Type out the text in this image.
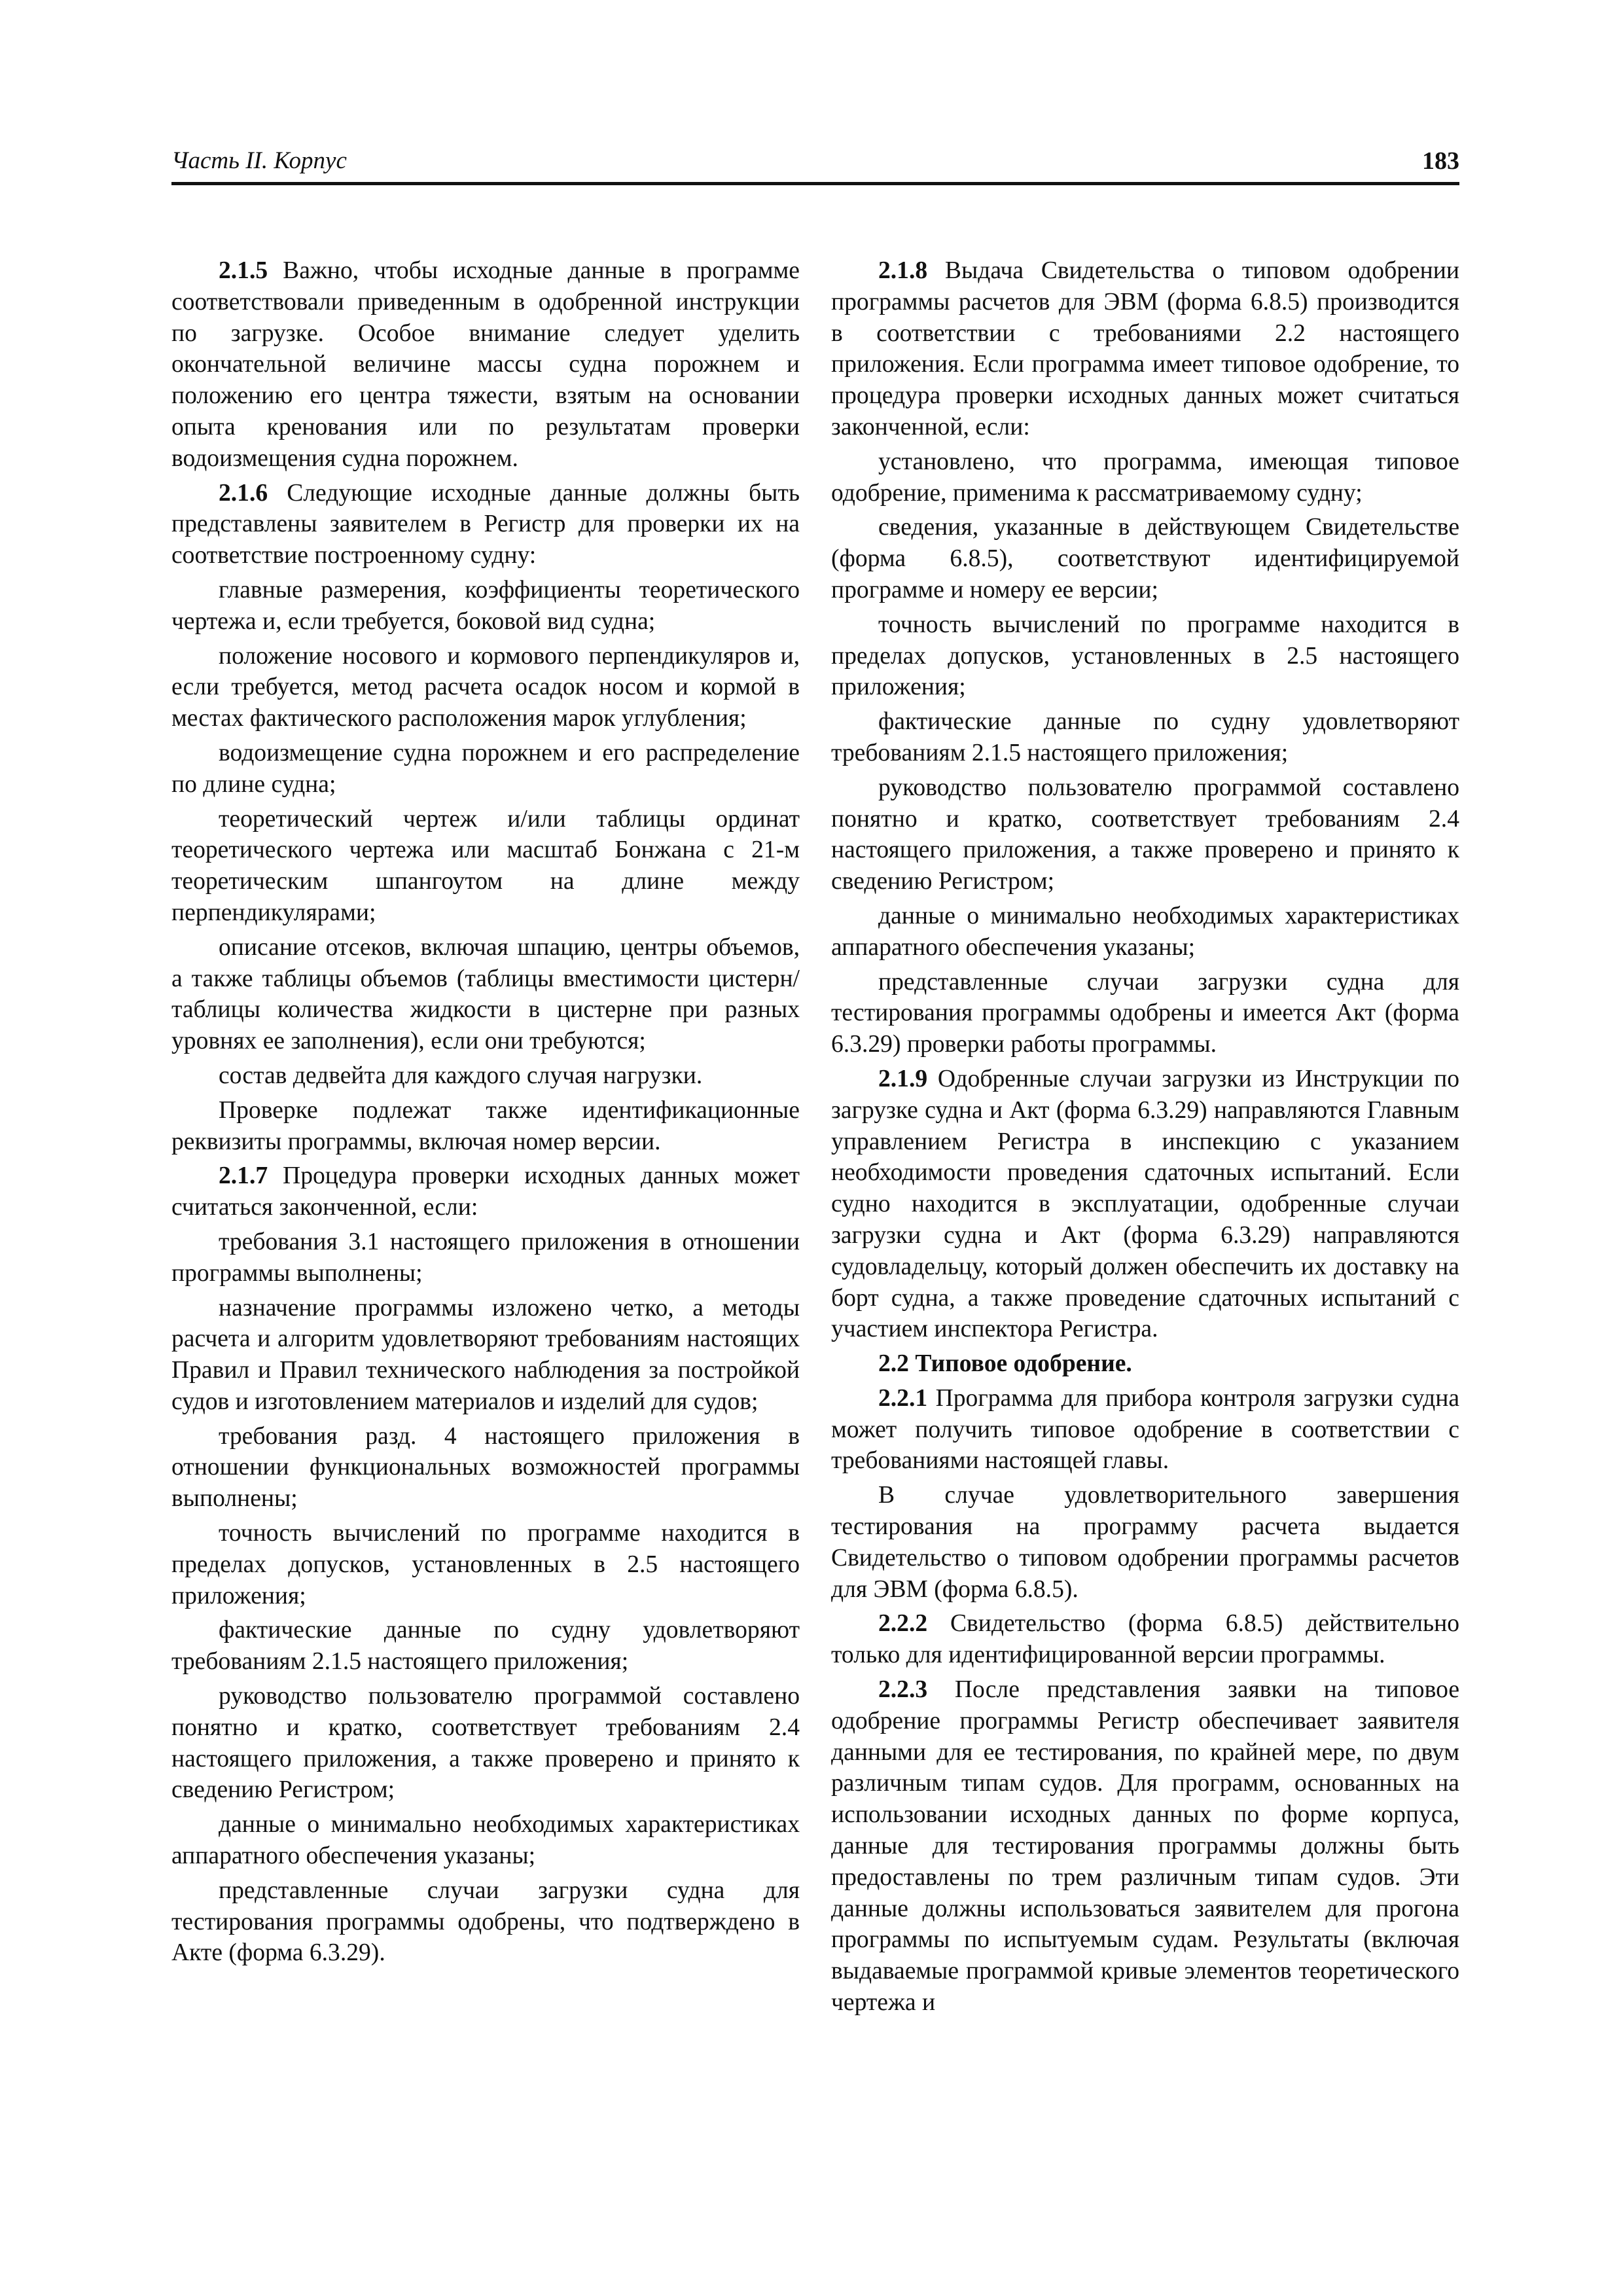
Часть II. Корпус	183

2.1.5 Важно, чтобы исходные данные в программе соответствовали приведенным в одобренной инструкции по загрузке. Особое внимание следует уделить окончательной величине массы судна порожнем и положению его центра тяжести, взятым на основании опыта кренования или по результатам проверки водоизмещения судна порожнем.

2.1.6 Следующие исходные данные должны быть представлены заявителем в Регистр для проверки их на соответствие построенному судну:

главные размерения, коэффициенты теоретического чертежа и, если требуется, боковой вид судна;

положение носового и кормового перпендикуляров и, если требуется, метод расчета осадок носом и кормой в местах фактического расположения марок углубления;

водоизмещение судна порожнем и его распределение по длине судна;

теоретический чертеж и/или таблицы ординат теоретического чертежа или масштаб Бонжана с 21-м теоретическим шпангоутом на длине между перпендикулярами;

описание отсеков, включая шпацию, центры объемов, а также таблицы объемов (таблицы вместимости цистерн/таблицы количества жидкости в цистерне при разных уровнях ее заполнения), если они требуются;

состав дедвейта для каждого случая нагрузки.

Проверке подлежат также идентификационные реквизиты программы, включая номер версии.

2.1.7 Процедура проверки исходных данных может считаться законченной, если:

требования 3.1 настоящего приложения в отношении программы выполнены;

назначение программы изложено четко, а методы расчета и алгоритм удовлетворяют требованиям настоящих Правил и Правил технического наблюдения за постройкой судов и изготовлением материалов и изделий для судов;

требования разд. 4 настоящего приложения в отношении функциональных возможностей программы выполнены;

точность вычислений по программе находится в пределах допусков, установленных в 2.5 настоящего приложения;

фактические данные по судну удовлетворяют требованиям 2.1.5 настоящего приложения;

руководство пользователю программой составлено понятно и кратко, соответствует требованиям 2.4 настоящего приложения, а также проверено и принято к сведению Регистром;

данные о минимально необходимых характеристиках аппаратного обеспечения указаны;

представленные случаи загрузки судна для тестирования программы одобрены, что подтверждено в Акте (форма 6.3.29).

2.1.8 Выдача Свидетельства о типовом одобрении программы расчетов для ЭВМ (форма 6.8.5) производится в соответствии с требованиями 2.2 настоящего приложения. Если программа имеет типовое одобрение, то процедура проверки исходных данных может считаться законченной, если:

установлено, что программа, имеющая типовое одобрение, применима к рассматриваемому судну;

сведения, указанные в действующем Свидетельстве (форма 6.8.5), соответствуют идентифицируемой программе и номеру ее версии;

точность вычислений по программе находится в пределах допусков, установленных в 2.5 настоящего приложения;

фактические данные по судну удовлетворяют требованиям 2.1.5 настоящего приложения;

руководство пользователю программой составлено понятно и кратко, соответствует требованиям 2.4 настоящего приложения, а также проверено и принято к сведению Регистром;

данные о минимально необходимых характеристиках аппаратного обеспечения указаны;

представленные случаи загрузки судна для тестирования программы одобрены и имеется Акт (форма 6.3.29) проверки работы программы.

2.1.9 Одобренные случаи загрузки из Инструкции по загрузке судна и Акт (форма 6.3.29) направляются Главным управлением Регистра в инспекцию с указанием необходимости проведения сдаточных испытаний. Если судно находится в эксплуатации, одобренные случаи загрузки судна и Акт (форма 6.3.29) направляются судовладельцу, который должен обеспечить их доставку на борт судна, а также проведение сдаточных испытаний с участием инспектора Регистра.

2.2 Типовое одобрение.

2.2.1 Программа для прибора контроля загрузки судна может получить типовое одобрение в соответствии с требованиями настоящей главы.

В случае удовлетворительного завершения тестирования на программу расчета выдается Свидетельство о типовом одобрении программы расчетов для ЭВМ (форма 6.8.5).

2.2.2 Свидетельство (форма 6.8.5) действительно только для идентифицированной версии программы.

2.2.3 После представления заявки на типовое одобрение программы Регистр обеспечивает заявителя данными для ее тестирования, по крайней мере, по двум различным типам судов. Для программ, основанных на использовании исходных данных по форме корпуса, данные для тестирования программы должны быть предоставлены по трем различным типам судов. Эти данные должны использоваться заявителем для прогона программы по испытуемым судам. Результаты (включая выдаваемые программой кривые элементов теоретического чертежа и
